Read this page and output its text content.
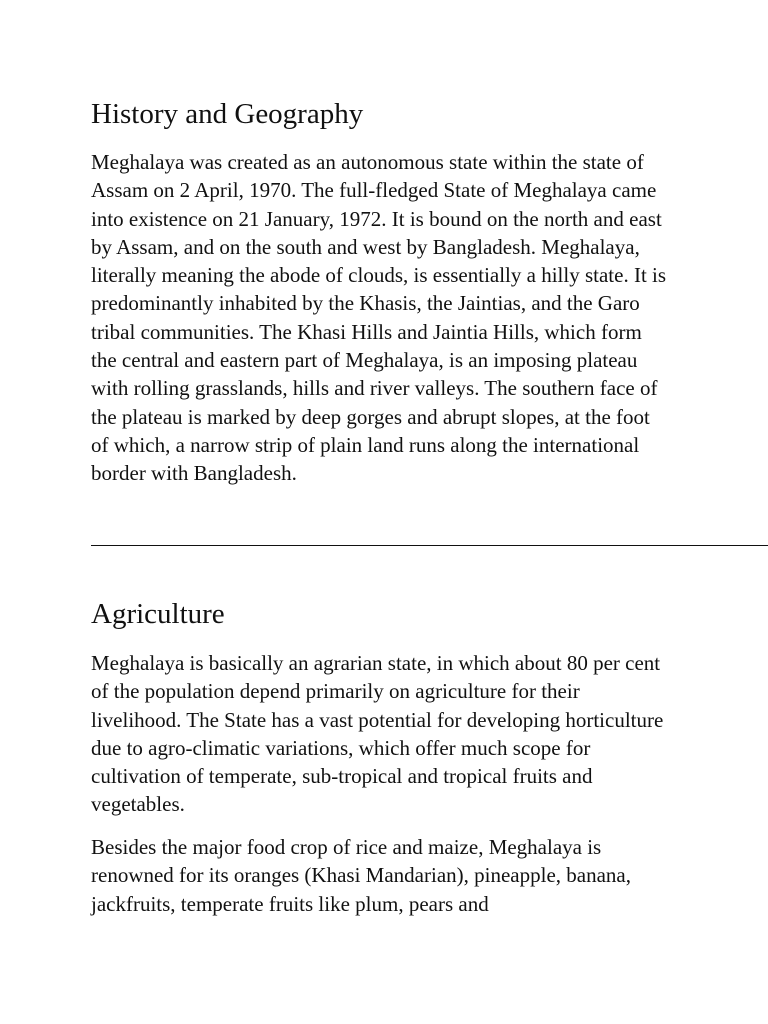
History and Geography

Meghalaya was created as an autonomous state within the state of Assam on 2 April, 1970. The full-fledged State of Meghalaya came into existence on 21 January, 1972. It is bound on the north and east by Assam, and on the south and west by Bangladesh. Meghalaya, literally meaning the abode of clouds, is essentially a hilly state. It is predominantly inhabited by the Khasis, the Jaintias, and the Garo tribal communities. The Khasi Hills and Jaintia Hills, which form the central and eastern part of Meghalaya, is an imposing plateau with rolling grasslands, hills and river valleys. The southern face of the plateau is marked by deep gorges and abrupt slopes, at the foot of which, a narrow strip of plain land runs along the international border with Bangladesh.

Agriculture

Meghalaya is basically an agrarian state, in which about 80 per cent of the population depend primarily on agriculture for their livelihood. The State has a vast potential for developing horticulture due to agro-climatic variations, which offer much scope for cultivation of temperate, sub-tropical and tropical fruits and vegetables.

Besides the major food crop of rice and maize, Meghalaya is renowned for its oranges (Khasi Mandarian), pineapple, banana, jackfruits, temperate fruits like plum, pears and
